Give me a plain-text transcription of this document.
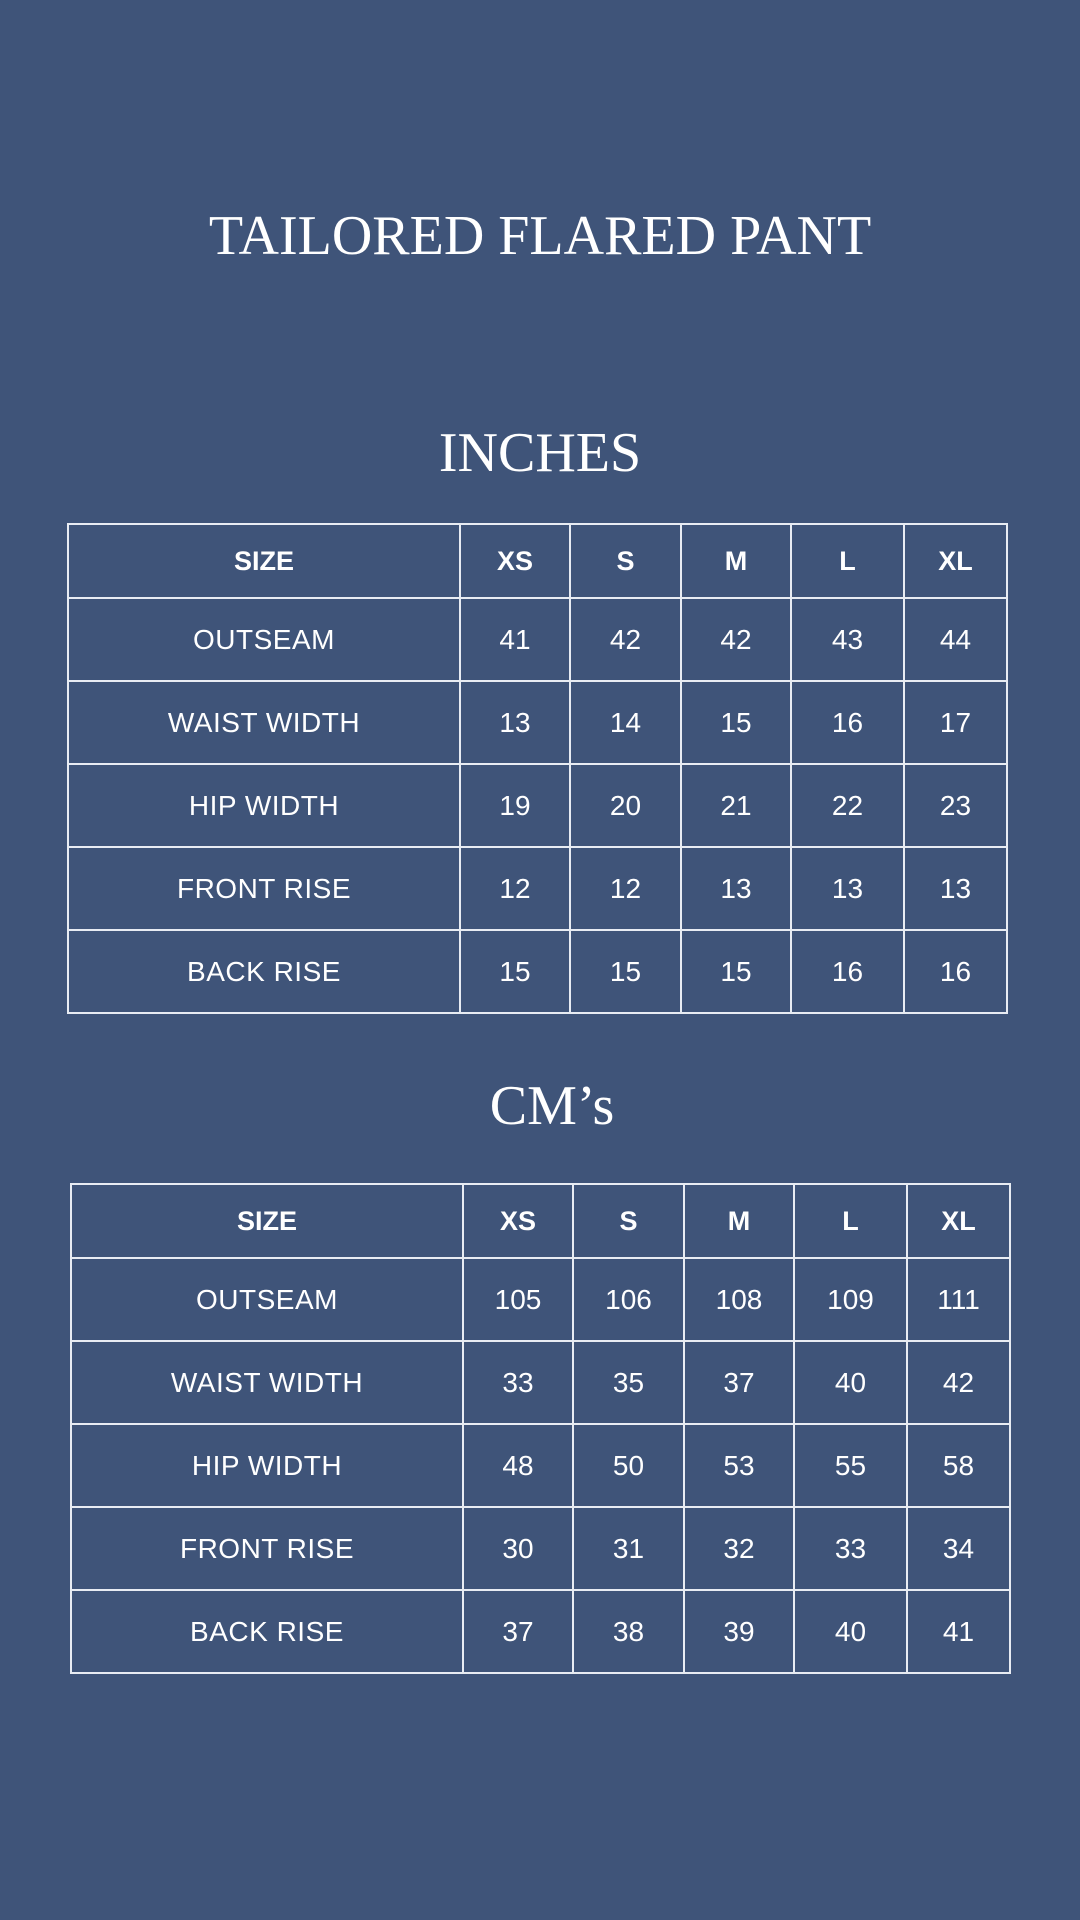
TAILORED FLARED PANT
INCHES
SIZE	XS	S	M	L	XL
OUTSEAM	41	42	42	43	44
WAIST WIDTH	13	14	15	16	17
HIP WIDTH	19	20	21	22	23
FRONT RISE	12	12	13	13	13
BACK RISE	15	15	15	16	16
CM’s
SIZE	XS	S	M	L	XL
OUTSEAM	105	106	108	109	111
WAIST WIDTH	33	35	37	40	42
HIP WIDTH	48	50	53	55	58
FRONT RISE	30	31	32	33	34
BACK RISE	37	38	39	40	41
